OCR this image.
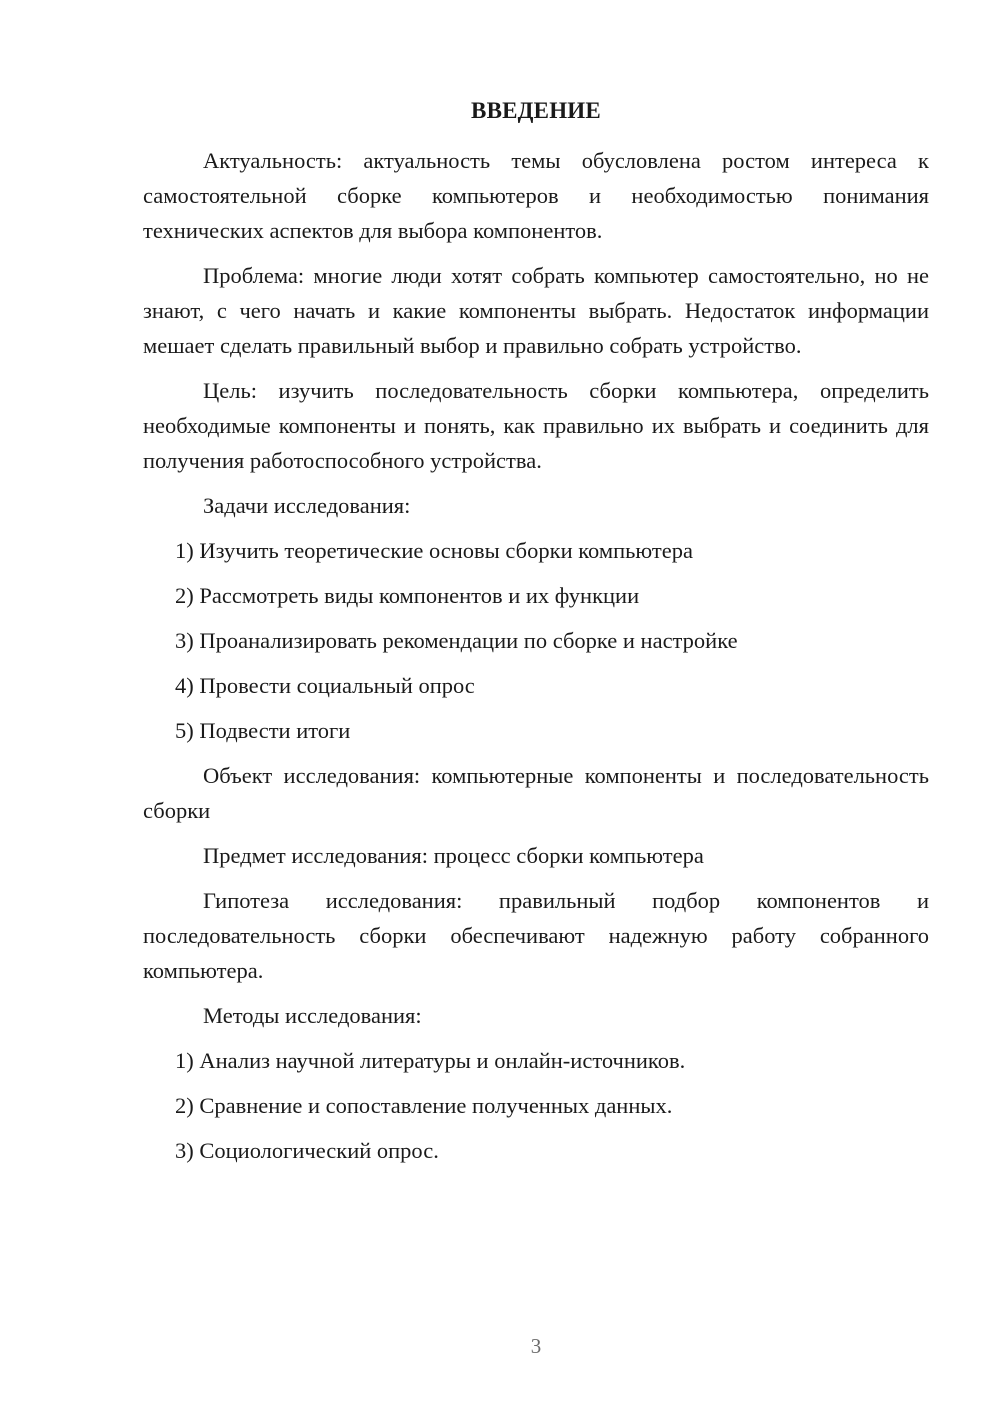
ВВЕДЕНИЕ

Актуальность: актуальность темы обусловлена ростом интереса к самостоятельной сборке компьютеров и необходимостью понимания технических аспектов для выбора компонентов.

Проблема: многие люди хотят собрать компьютер самостоятельно, но не знают, с чего начать и какие компоненты выбрать. Недостаток информации мешает сделать правильный выбор и правильно собрать устройство.

Цель: изучить последовательность сборки компьютера, определить необходимые компоненты и понять, как правильно их выбрать и соединить для получения работоспособного устройства.

Задачи исследования:

1) Изучить теоретические основы сборки компьютера
2) Рассмотреть виды компонентов и их функции
3) Проанализировать рекомендации по сборке и настройке
4) Провести социальный опрос
5) Подвести итоги

Объект исследования: компьютерные компоненты и последовательность сборки

Предмет исследования: процесс сборки компьютера

Гипотеза исследования: правильный подбор компонентов и последовательность сборки обеспечивают надежную работу собранного компьютера.

Методы исследования:

1) Анализ научной литературы и онлайн-источников.
2) Сравнение и сопоставление полученных данных.
3) Социологический опрос.
3
